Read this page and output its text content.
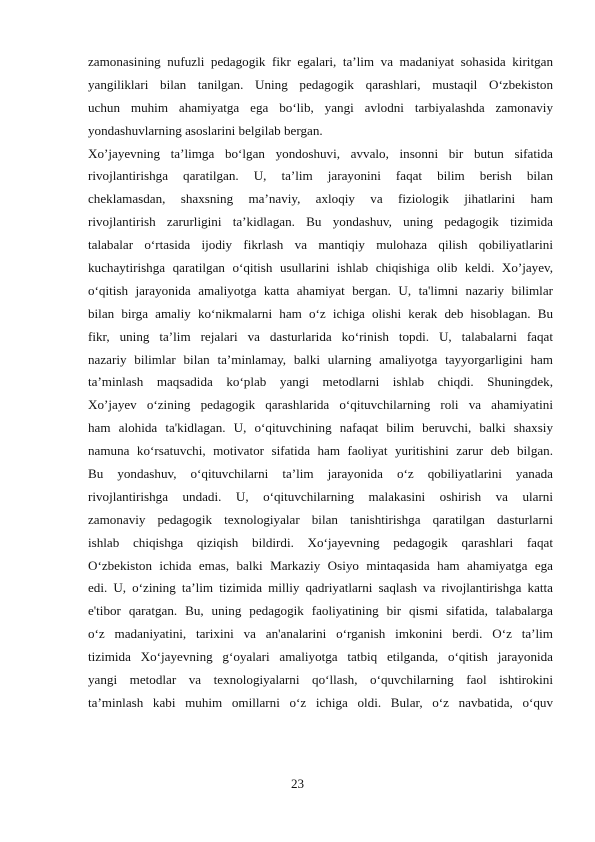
zamonasining nufuzli pedagogik fikr egalari, ta’lim va madaniyat sohasida kiritgan
yangiliklari bilan tanilgan. Uning pedagogik qarashlari, mustaqil O‘zbekiston
uchun muhim ahamiyatga ega bo‘lib, yangi avlodni tarbiyalashda zamonaviy
yondashuvlarning asoslarini belgilab bergan.
Xo’jayevning ta’limga bo‘lgan yondoshuvi, avvalo, insonni bir butun sifatida
rivojlantirishga qaratilgan. U, ta’lim jarayonini faqat bilim berish bilan
cheklamasdan, shaxsning ma’naviy, axloqiy va fiziologik jihatlarini ham
rivojlantirish zarurligini ta’kidlagan. Bu yondashuv, uning pedagogik tizimida
talabalar o‘rtasida ijodiy fikrlash va mantiqiy mulohaza qilish qobiliyatlarini
kuchaytirishga qaratilgan o‘qitish usullarini ishlab chiqishiga olib keldi. Xo’jayev,
o‘qitish jarayonida amaliyotga katta ahamiyat bergan. U, ta'limni nazariy bilimlar
bilan birga amaliy ko‘nikmalarni ham o‘z ichiga olishi kerak deb hisoblagan. Bu
fikr, uning ta’lim rejalari va dasturlarida ko‘rinish topdi. U, talabalarni faqat
nazariy bilimlar bilan ta’minlamay, balki ularning amaliyotga tayyorgarligini ham
ta’minlash maqsadida ko‘plab yangi metodlarni ishlab chiqdi. Shuningdek,
Xo’jayev o‘zining pedagogik qarashlarida o‘qituvchilarning roli va ahamiyatini
ham alohida ta'kidlagan. U, o‘qituvchining nafaqat bilim beruvchi, balki shaxsiy
namuna ko‘rsatuvchi, motivator sifatida ham faoliyat yuritishini zarur deb bilgan.
Bu yondashuv, o‘qituvchilarni ta’lim jarayonida o‘z qobiliyatlarini yanada
rivojlantirishga undadi. U, o‘qituvchilarning malakasini oshirish va ularni
zamonaviy pedagogik texnologiyalar bilan tanishtirishga qaratilgan dasturlarni
ishlab chiqishga qiziqish bildirdi. Xo‘jayevning pedagogik qarashlari faqat
O‘zbekiston ichida emas, balki Markaziy Osiyo mintaqasida ham ahamiyatga ega
edi. U, o‘zining ta’lim tizimida milliy qadriyatlarni saqlash va rivojlantirishga katta
e'tibor qaratgan. Bu, uning pedagogik faoliyatining bir qismi sifatida, talabalarga
o‘z madaniyatini, tarixini va an'analarini o‘rganish imkonini berdi. O‘z ta’lim
tizimida Xo‘jayevning g‘oyalari amaliyotga tatbiq etilganda, o‘qitish jarayonida
yangi metodlar va texnologiyalarni qo‘llash, o‘quvchilarning faol ishtirokini
ta’minlash kabi muhim omillarni o‘z ichiga oldi. Bular, o‘z navbatida, o‘quv
23
